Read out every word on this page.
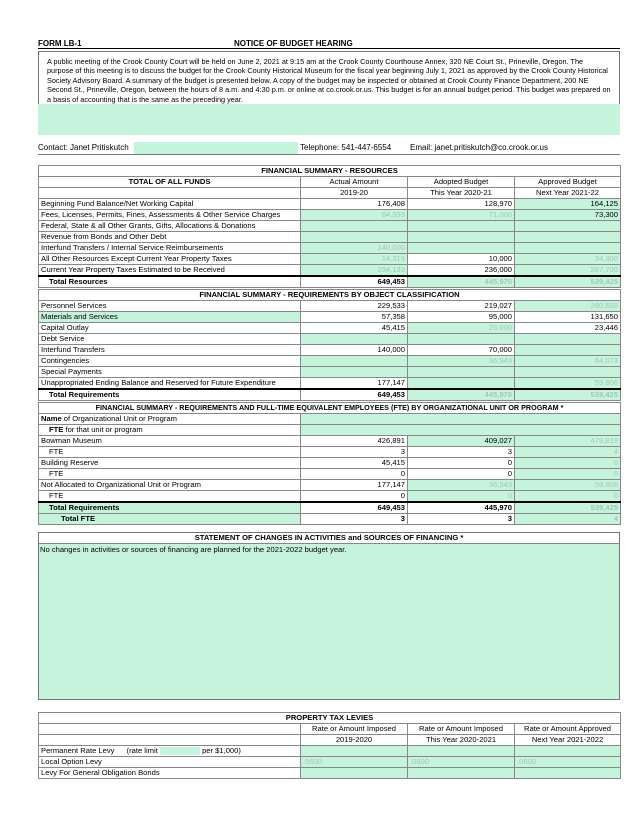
FORM LB-1	NOTICE OF BUDGET HEARING
A public meeting of the Crook County Court will be held on June 2, 2021 at 9:15 am at the Crook County Courthouse Annex, 320 NE Court St., Prineville, Oregon. The purpose of this meeting is to discuss the budget for the Crook County Historical Museum for the fiscal year beginning July 1, 2021 as approved by the Crook County Historical Society Advisory Board. A summary of the budget is presented below. A copy of the budget may be inspected or obtained at Crook County Finance Department, 200 NE Second St., Prineville, Oregon, between the hours of 8 a.m. and 4:30 p.m. or online at co.crook.or.us. This budget is for an annual budget period. This budget was prepared on a basis of accounting that is the same as the preceding year.
Contact: Janet Pritiskutch	Telephone: 541-447-6554	Email: janet.pritiskutch@co.crook.or.us
FINANCIAL SUMMARY - RESOURCES			
TOTAL OF ALL FUNDS	Actual Amount	Adopted Budget	Approved Budget
	2019-20	This Year 2020-21	Next Year 2021-22
Beginning Fund Balance/Net Working Capital	176,408	128,970	164,125
Fees, Licenses, Permits, Fines, Assessments & Other Service Charges	64,593	71,000	73,300
Federal, State & all Other Grants, Gifts, Allocations & Donations			
Revenue from Bonds and Other Debt			
Interfund Transfers / Internal Service Reimbursements	140,000		
All Other Resources Except Current Year Property Taxes	14,319	10,000	34,300
Current Year Property Taxes Estimated to be Received	254,133	236,000	267,700
Total Resources	649,453	445,970	539,425
FINANCIAL SUMMARY - REQUIREMENTS BY OBJECT CLASSIFICATION			
Personnel Services	229,533	219,027	260,650
Materials and Services	57,358	95,000	131,650
Capital Outlay	45,415	25,000	23,446
Debt Service			
Interfund Transfers	140,000	70,000	
Contingencies		36,943	64,073
Special Payments			
Unappropriated Ending Balance and Reserved for Future Expenditure	177,147		59,606
Total Requirements	649,453	445,970	539,425
FINANCIAL SUMMARY - REQUIREMENTS AND FULL-TIME EQUIVALENT EMPLOYEES (FTE) BY ORGANIZATIONAL UNIT OR PROGRAM *			
Name of Organizational Unit or Program			
FTE for that unit or program			
Bowman Museum	426,891	409,027	479,819
FTE	3	3	4
Building Reserve	45,415	0	0
FTE	0	0	0
Not Allocated to Organizational Unit or Program	177,147	36,943	59,606
FTE	0	0	0
Total Requirements	649,453	445,970	539,425
Total FTE	3	3	4
STATEMENT OF CHANGES IN ACTIVITIES and SOURCES OF FINANCING *
No changes in activities or sources of financing are planned for the 2021-2022 budget year.
PROPERTY TAX LEVIES			
	Rate or Amount Imposed	Rate or Amount Imposed	Rate or Amount Approved
	2019-2020	This Year 2020-2021	Next Year 2021-2022
Permanent Rate Levy (rate limit per $1,000)			
Local Option Levy	.0600	.0600	.0600
Levy For General Obligation Bonds			
